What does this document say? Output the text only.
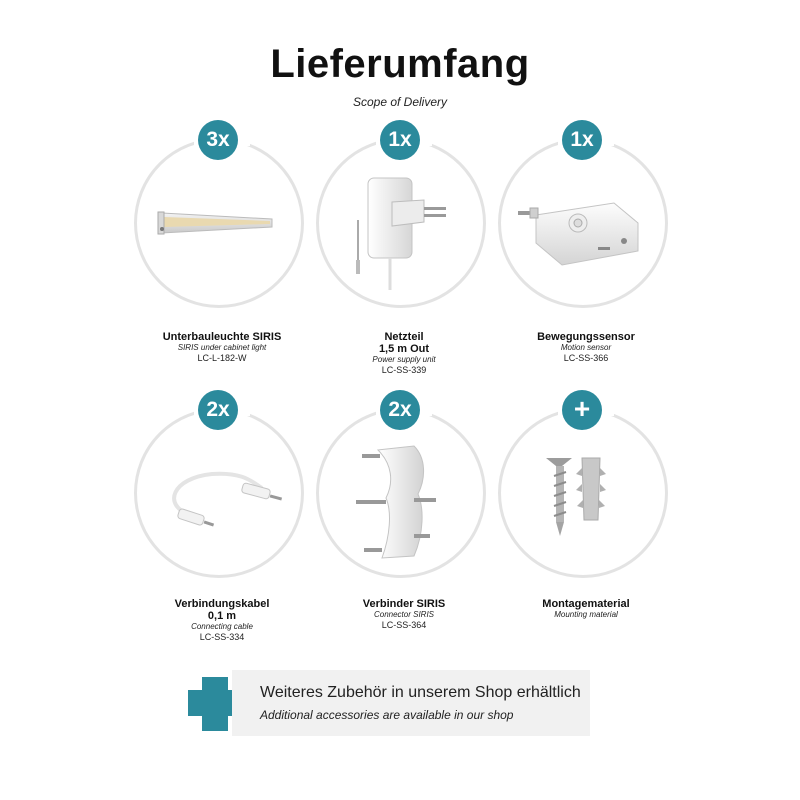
Lieferumfang
Scope of Delivery
3x
Unterbauleuchte SIRIS
SIRIS under cabinet light
LC-L-182-W
1x
Netzteil
1,5 m Out
Power supply unit
LC-SS-339
1x
Bewegungssensor
Motion sensor
LC-SS-366
2x
Verbindungskabel
0,1 m
Connecting cable
LC-SS-334
2x
Verbinder SIRIS
Connector SIRIS
LC-SS-364
+
Montagematerial
Mounting material
Weiteres Zubehör in unserem Shop erhältlich
Additional accessories are available in our shop
